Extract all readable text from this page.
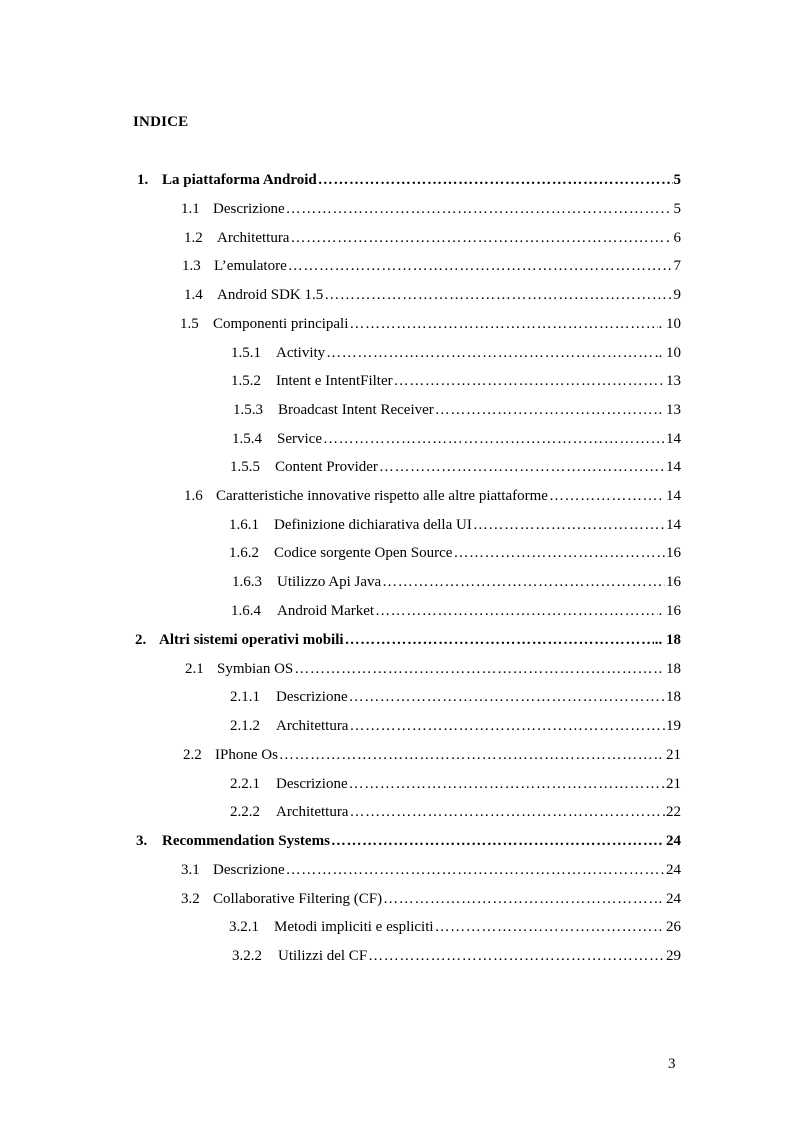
INDICE
1. La piattaforma Android ……………………………………………………………………………………………………………………………………………………………………………………………………………………	5
1.1 Descrizione ……………………………………………………………………………………………………………………………………………………………………………………………………………………	. 5
1.2 Architettura ……………………………………………………………………………………………………………………………………………………………………………………………………………………	. 6
1.3 L’emulatore ……………………………………………………………………………………………………………………………………………………………………………………………………………………	7
1.4 Android SDK 1.5 ……………………………………………………………………………………………………………………………………………………………………………………………………………………	9
1.5 Componenti principali ……………………………………………………………………………………………………………………………………………………………………………………………………………………	. 10
1.5.1	Activity ……………………………………………………………………………………………………………………………………………………………………………………………………………………	.. 10
1.5.2	Intent e IntentFilter ……………………………………………………………………………………………………………………………………………………………………………………………………………………	13
1.5.3	Broadcast Intent Receiver ……………………………………………………………………………………………………………………………………………………………………………………………………………………	. 13
1.5.4	Service ……………………………………………………………………………………………………………………………………………………………………………………………………………………	14
1.5.5	Content Provider ……………………………………………………………………………………………………………………………………………………………………………………………………………………	14
1.6 Caratteristiche innovative rispetto alle altre piattaforme ……………………………………………………………………………………………………………………………………………………………………………………………………………………	. 14
1.6.1	Definizione dichiarativa della UI ……………………………………………………………………………………………………………………………………………………………………………………………………………………	14
1.6.2	Codice sorgente Open Source ……………………………………………………………………………………………………………………………………………………………………………………………………………………	16
1.6.3	Utilizzo Api Java ……………………………………………………………………………………………………………………………………………………………………………………………………………………	16
1.6.4	Android Market ……………………………………………………………………………………………………………………………………………………………………………………………………………………	. 16
2. Altri sistemi operativi mobili ……………………………………………………………………………………………………………………………………………………………………………………………………………………	.. 18
2.1 Symbian OS ……………………………………………………………………………………………………………………………………………………………………………………………………………………	. 18
2.1.1	Descrizione ……………………………………………………………………………………………………………………………………………………………………………………………………………………	18
2.1.2	Architettura ……………………………………………………………………………………………………………………………………………………………………………………………………………………	19
2.2 IPhone Os ……………………………………………………………………………………………………………………………………………………………………………………………………………………	. 21
2.2.1	Descrizione ……………………………………………………………………………………………………………………………………………………………………………………………………………………	21
2.2.2	Architettura ……………………………………………………………………………………………………………………………………………………………………………………………………………………	22
3. Recommendation Systems ……………………………………………………………………………………………………………………………………………………………………………………………………………………	. 24
3.1 Descrizione ……………………………………………………………………………………………………………………………………………………………………………………………………………………	24
3.2 Collaborative Filtering (CF) ……………………………………………………………………………………………………………………………………………………………………………………………………………………	. 24
3.2.1	Metodi impliciti e espliciti ……………………………………………………………………………………………………………………………………………………………………………………………………………………	. 26
3.2.2	Utilizzi del CF ……………………………………………………………………………………………………………………………………………………………………………………………………………………	29
3
